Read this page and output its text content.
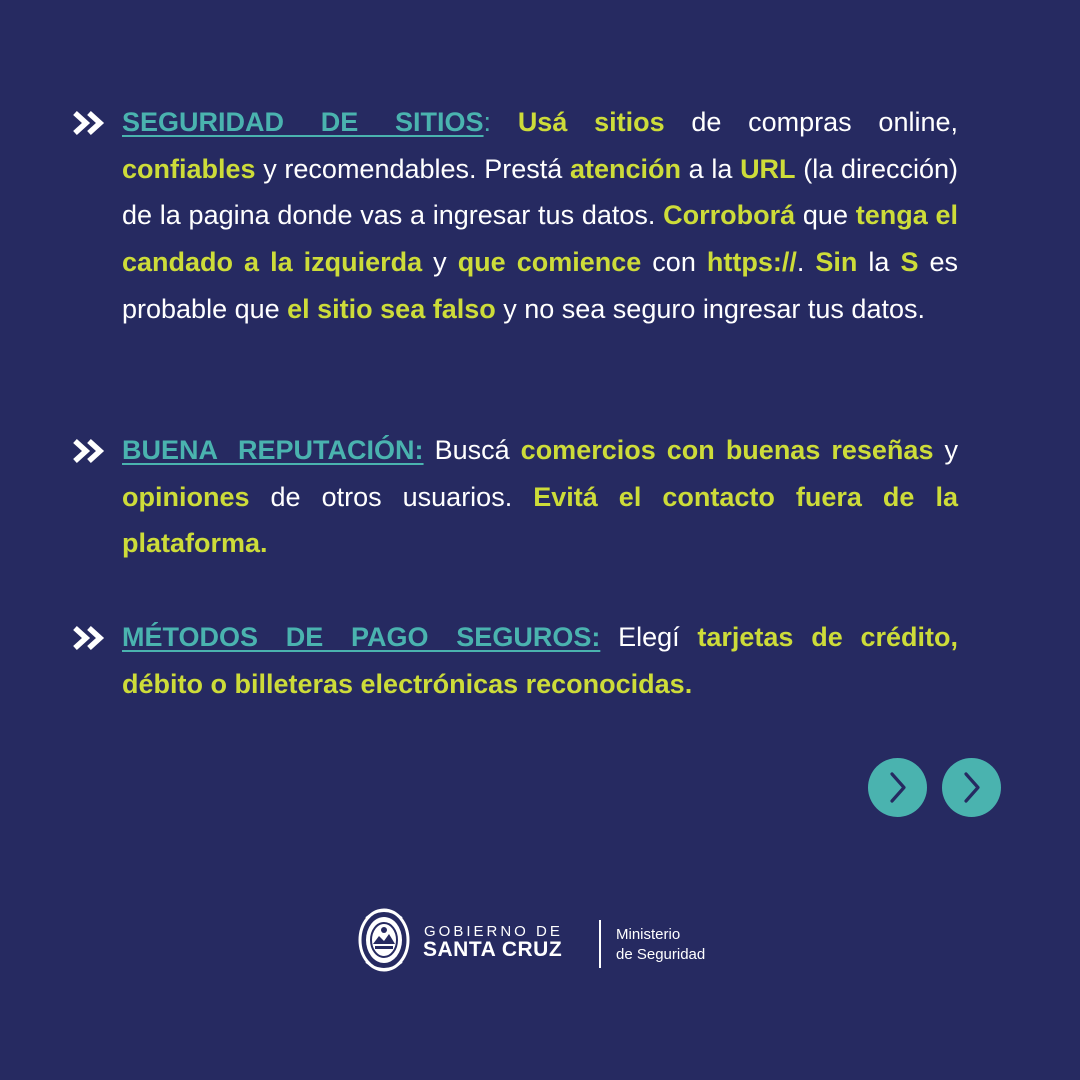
SEGURIDAD DE SITIOS: Usá sitios de compras online, confiables y recomendables. Prestá atención a la URL (la dirección) de la pagina donde vas a ingresar tus datos. Corroborá que tenga el candado a la izquierda y que comience con https://. Sin la S es probable que el sitio sea falso y no sea seguro ingresar tus datos.
BUENA REPUTACIÓN: Buscá comercios con buenas reseñas y opiniones de otros usuarios. Evitá el contacto fuera de la plataforma.
MÉTODOS DE PAGO SEGUROS: Elegí tarjetas de crédito, débito o billeteras electrónicas reconocidas.
GOBIERNO DE
SANTA CRUZ
Ministerio
de Seguridad
